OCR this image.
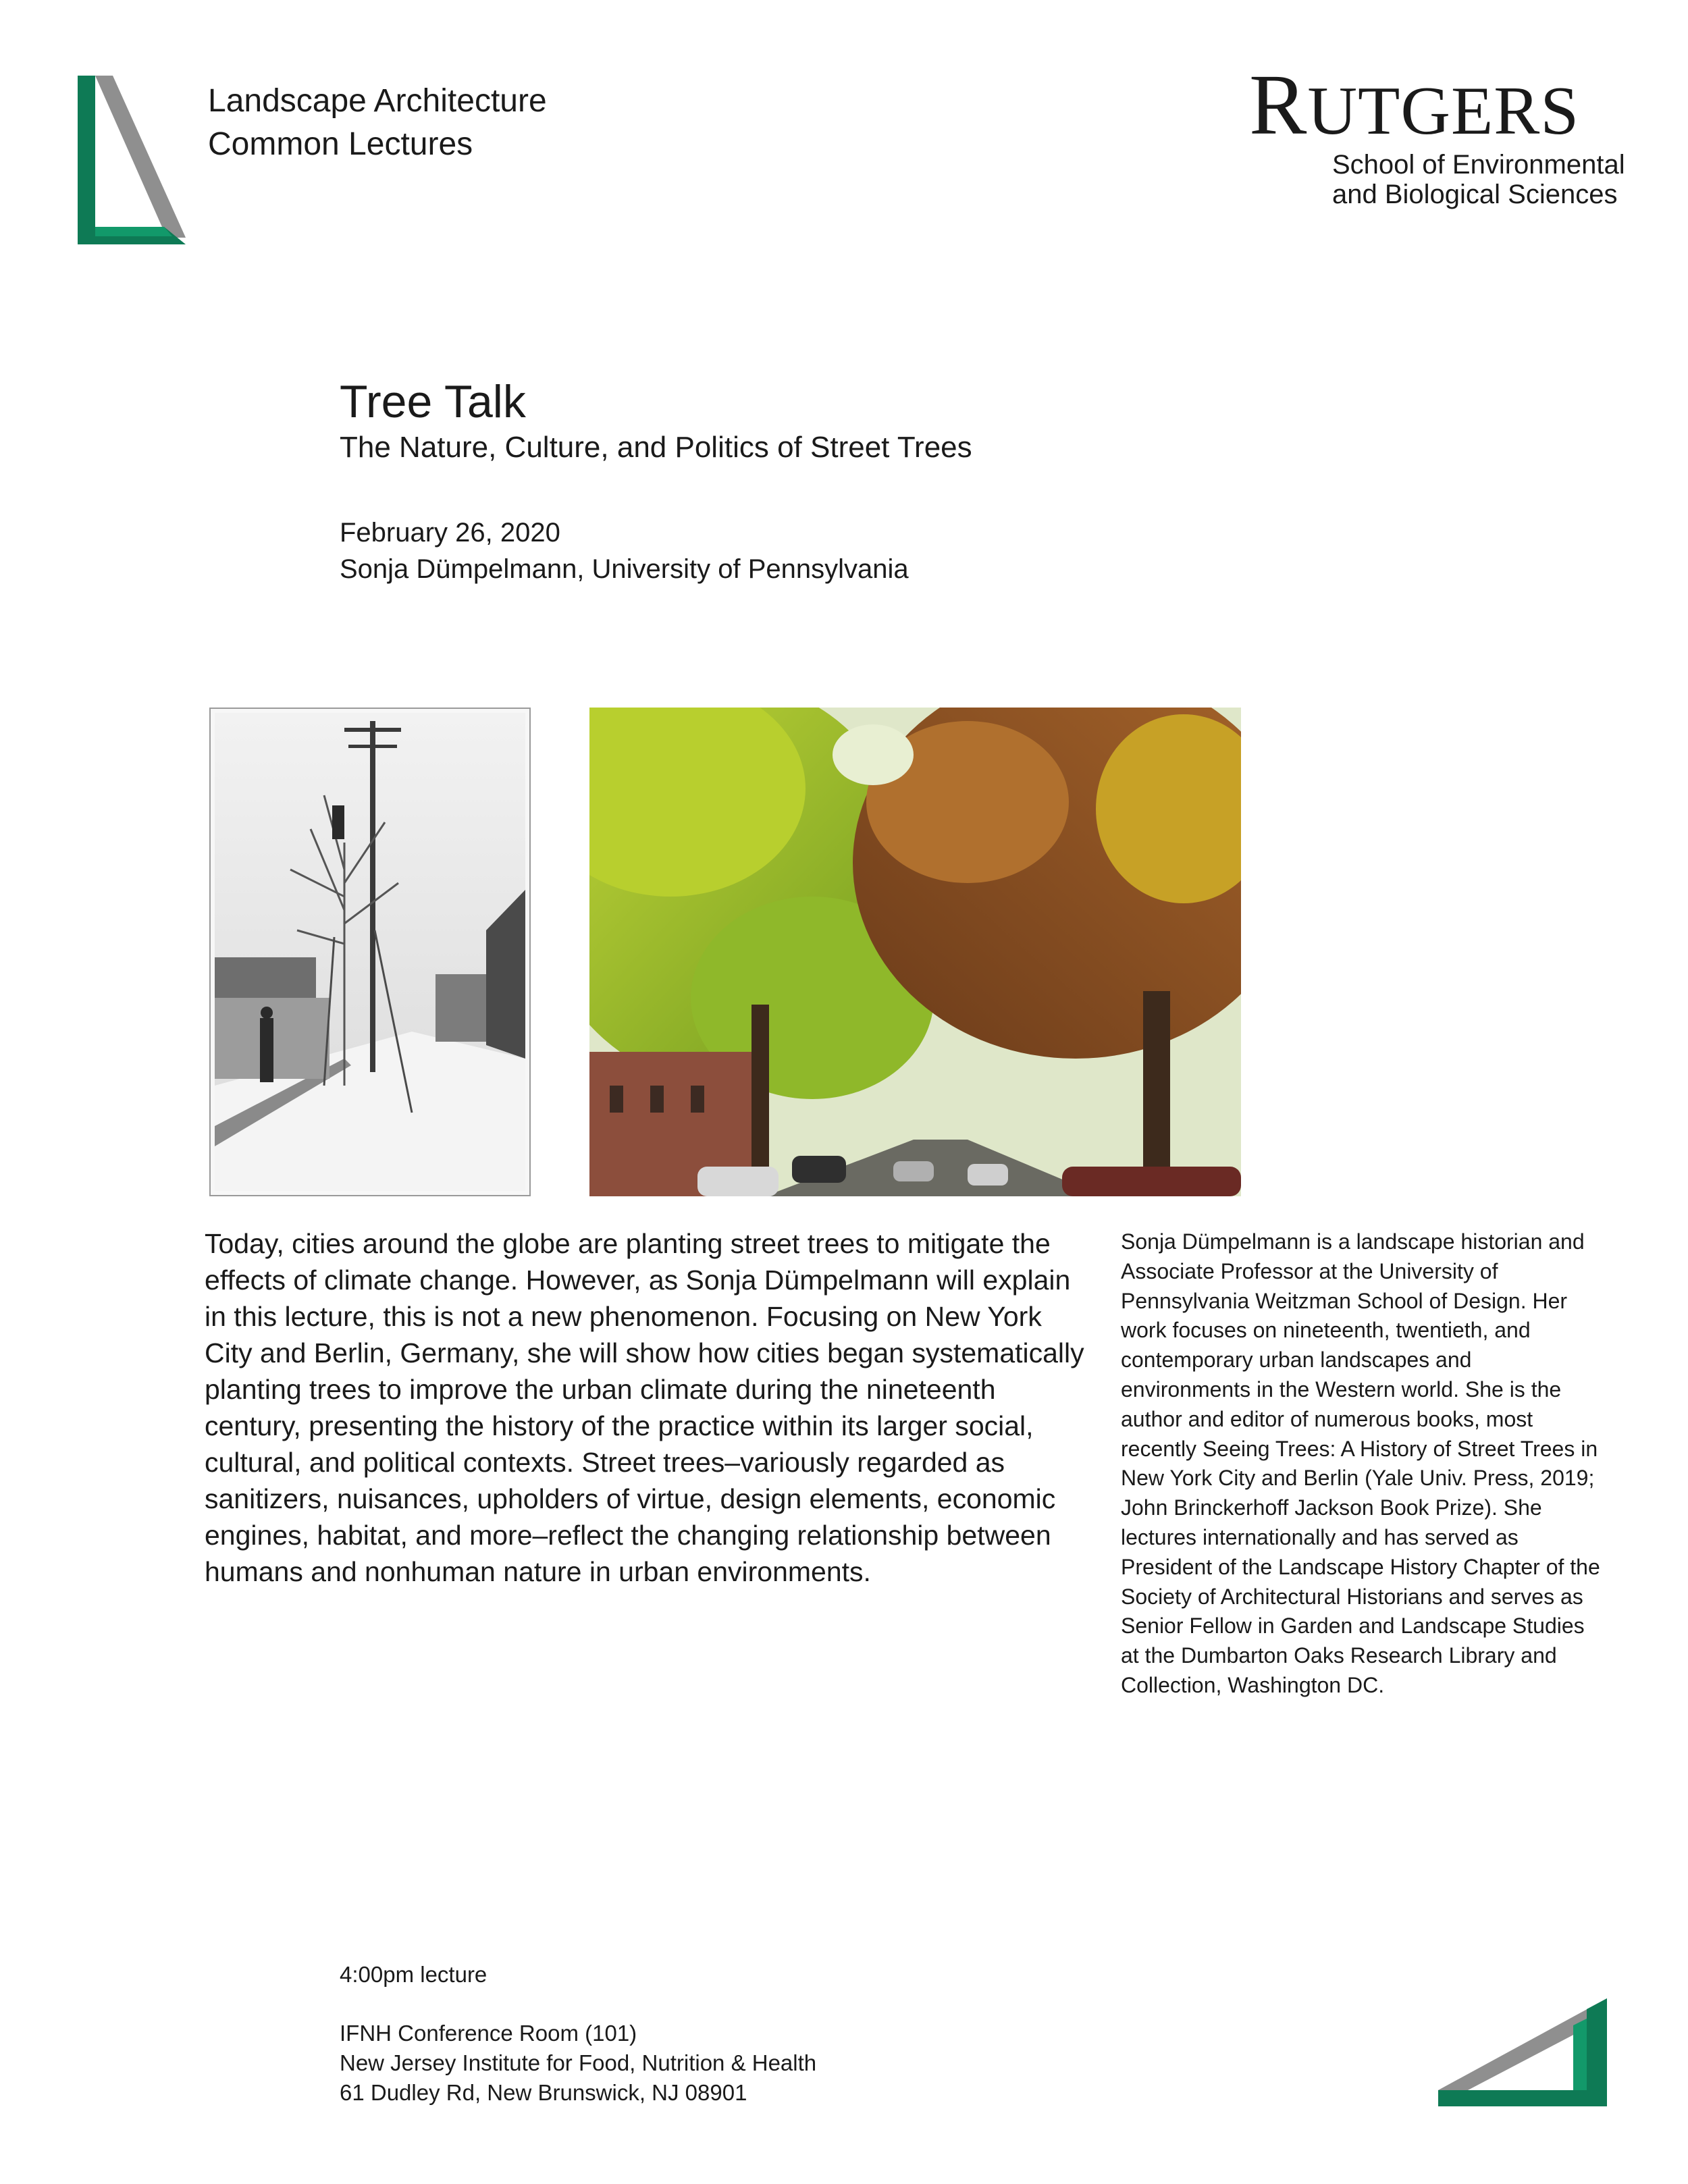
Landscape Architecture
Common Lectures	RUTGERS
School of Environmental
and Biological Sciences
Tree Talk
The Nature, Culture, and Politics of Street Trees
February 26, 2020
Sonja Dümpelmann, University of Pennsylvania
Today, cities around the globe are planting street trees to mitigate the effects of climate change. However, as Sonja Dümpelmann will explain in this lecture, this is not a new phenomenon. Focusing on New York City and Berlin, Germany, she will show how cities began systematically planting trees to improve the urban climate during the nineteenth century, presenting the history of the practice within its larger social, cultural, and political contexts. Street trees–variously regarded as sanitizers, nuisances, upholders of virtue, design elements, economic engines, habitat, and more–reflect the changing relationship between humans and nonhuman nature in urban environments.
Sonja Dümpelmann is a landscape historian and Associate Professor at the University of Pennsylvania Weitzman School of Design. Her work focuses on nineteenth, twentieth, and contemporary urban landscapes and environments in the Western world. She is the author and editor of numerous books, most recently Seeing Trees: A History of Street Trees in New York City and Berlin (Yale Univ. Press, 2019; John Brinckerhoff Jackson Book Prize). She lectures internationally and has served as President of the Landscape History Chapter of the Society of Architectural Historians and serves as Senior Fellow in Garden and Landscape Studies at the Dumbarton Oaks Research Library and Collection, Washington DC.
4:00pm lecture
IFNH Conference Room (101)
New Jersey Institute for Food, Nutrition & Health
61 Dudley Rd, New Brunswick, NJ 08901
